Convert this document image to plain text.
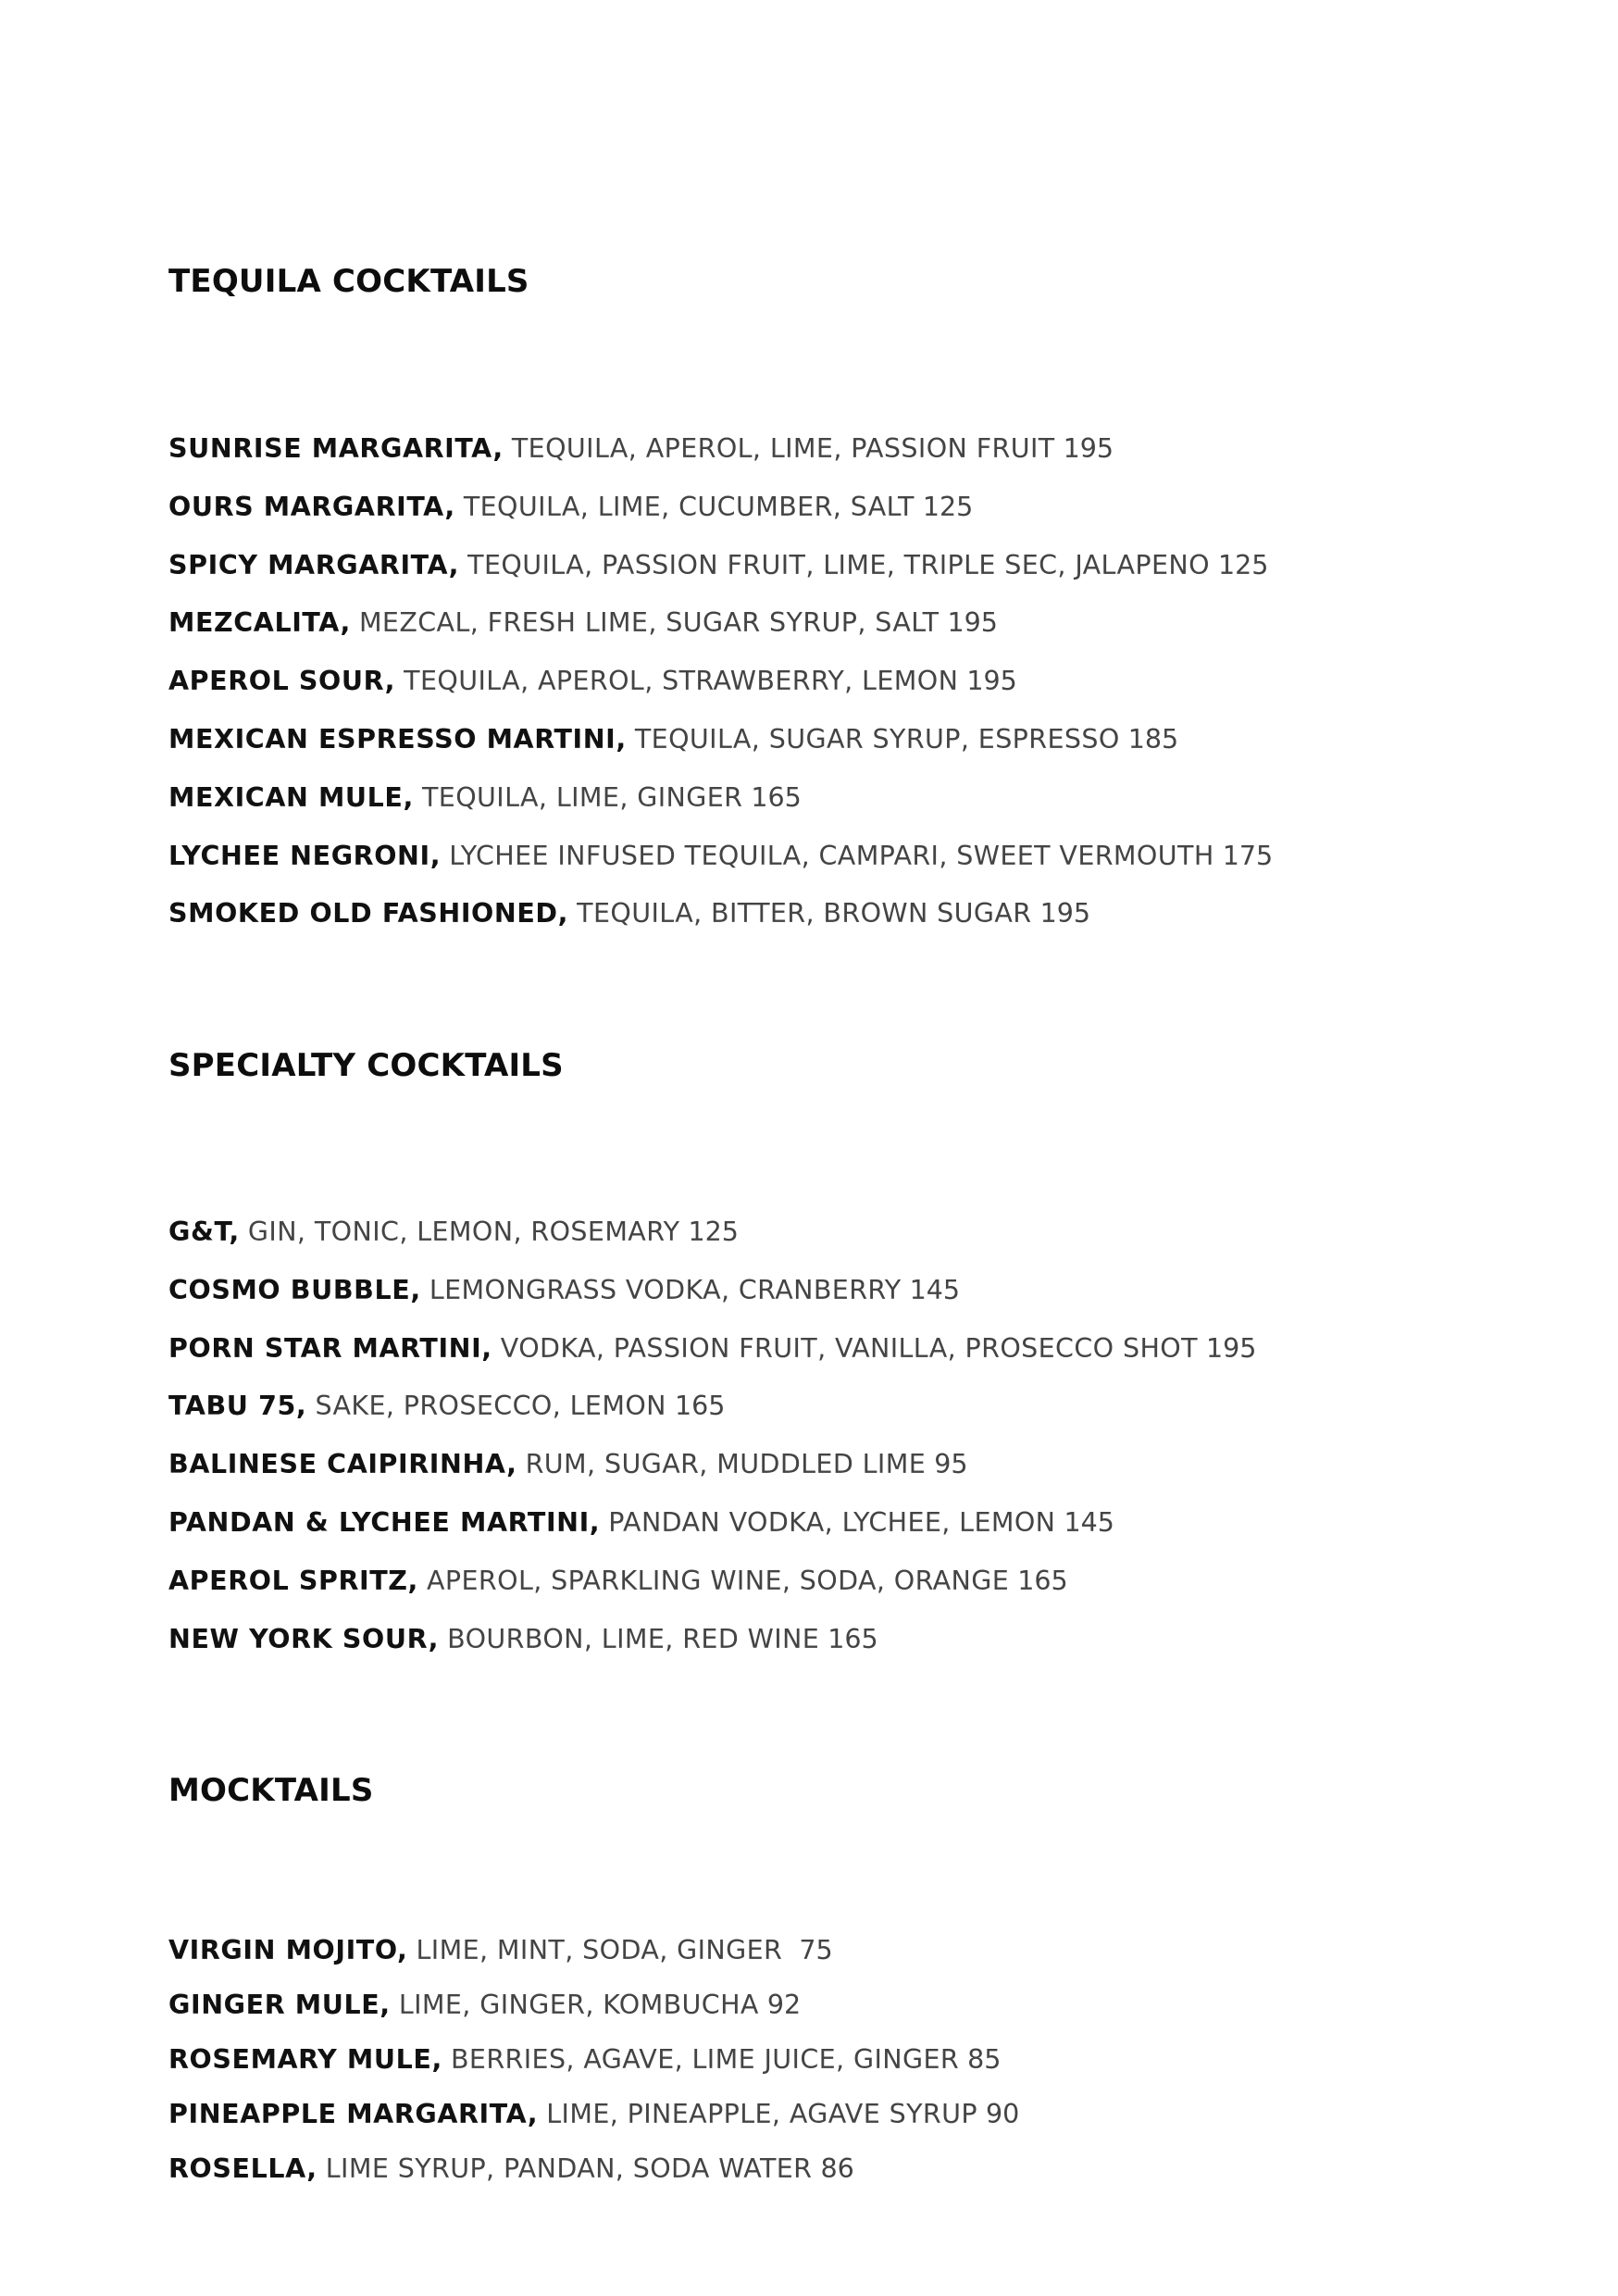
TEQUILA COCKTAILS
SUNRISE MARGARITA, TEQUILA, APEROL, LIME, PASSION FRUIT 195
OURS MARGARITA, TEQUILA, LIME, CUCUMBER, SALT 125
SPICY MARGARITA, TEQUILA, PASSION FRUIT, LIME, TRIPLE SEC, JALAPENO 125
MEZCALITA, MEZCAL, FRESH LIME, SUGAR SYRUP, SALT 195
APEROL SOUR, TEQUILA, APEROL, STRAWBERRY, LEMON 195
MEXICAN ESPRESSO MARTINI, TEQUILA, SUGAR SYRUP, ESPRESSO 185
MEXICAN MULE, TEQUILA, LIME, GINGER 165
LYCHEE NEGRONI, LYCHEE INFUSED TEQUILA, CAMPARI, SWEET VERMOUTH 175
SMOKED OLD FASHIONED, TEQUILA, BITTER, BROWN SUGAR 195
SPECIALTY COCKTAILS
G&T, GIN, TONIC, LEMON, ROSEMARY 125
COSMO BUBBLE, LEMONGRASS VODKA, CRANBERRY 145
PORN STAR MARTINI, VODKA, PASSION FRUIT, VANILLA, PROSECCO SHOT 195
TABU 75, SAKE, PROSECCO, LEMON 165
BALINESE CAIPIRINHA, RUM, SUGAR, MUDDLED LIME 95
PANDAN & LYCHEE MARTINI, PANDAN VODKA, LYCHEE, LEMON 145
APEROL SPRITZ, APEROL, SPARKLING WINE, SODA, ORANGE 165
NEW YORK SOUR, BOURBON, LIME, RED WINE 165
MOCKTAILS
VIRGIN MOJITO, LIME, MINT, SODA, GINGER 75
GINGER MULE, LIME, GINGER, KOMBUCHA 92
ROSEMARY MULE, BERRIES, AGAVE, LIME JUICE, GINGER 85
PINEAPPLE MARGARITA, LIME, PINEAPPLE, AGAVE SYRUP 90
ROSELLA, LIME SYRUP, PANDAN, SODA WATER 86
